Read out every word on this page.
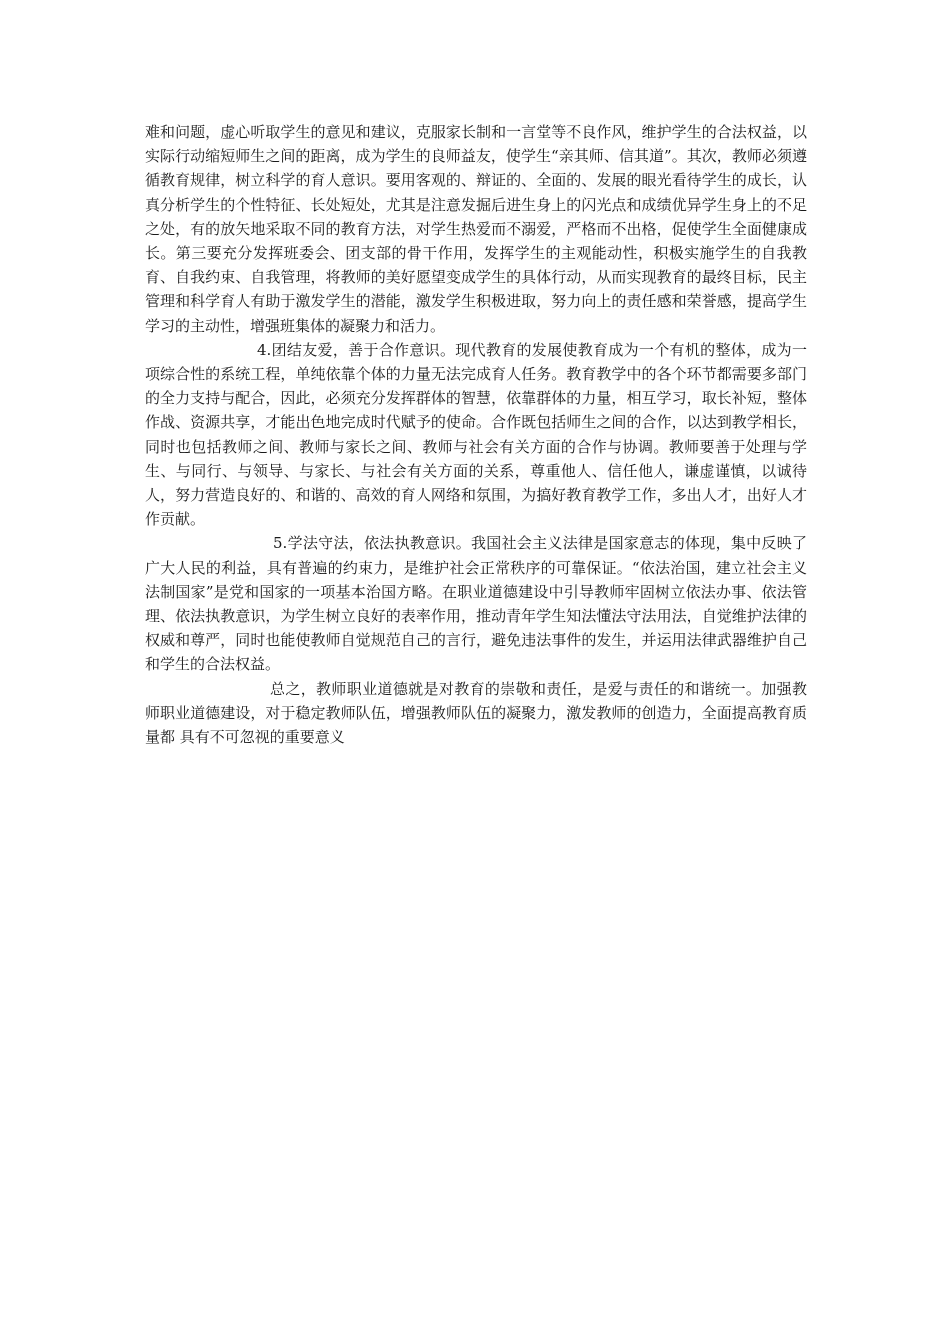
难和问题，虚心听取学生的意见和建议，克服家长制和一言堂等不良作风，维护学生的合法权益，以实际行动缩短师生之间的距离，成为学生的良师益友，使学生“亲其师、信其道”。其次，教师必须遵循教育规律，树立科学的育人意识。要用客观的、辩证的、全面的、发展的眼光看待学生的成长，认真分析学生的个性特征、长处短处，尤其是注意发掘后进生身上的闪光点和成绩优异学生身上的不足之处，有的放矢地采取不同的教育方法，对学生热爱而不溺爱，严格而不出格，促使学生全面健康成长。第三要充分发挥班委会、团支部的骨干作用，发挥学生的主观能动性，积极实施学生的自我教育、自我约束、自我管理，将教师的美好愿望变成学生的具体行动，从而实现教育的最终目标，民主管理和科学育人有助于激发学生的潜能，激发学生积极进取，努力向上的责任感和荣誉感，提高学生学习的主动性，增强班集体的凝聚力和活力。

4.团结友爱，善于合作意识。现代教育的发展使教育成为一个有机的整体，成为一项综合性的系统工程，单纯依靠个体的力量无法完成育人任务。教育教学中的各个环节都需要多部门的全力支持与配合，因此，必须充分发挥群体的智慧，依靠群体的力量，相互学习，取长补短，整体作战、资源共享，才能出色地完成时代赋予的使命。合作既包括师生之间的合作，以达到教学相长，同时也包括教师之间、教师与家长之间、教师与社会有关方面的合作与协调。教师要善于处理与学生、与同行、与领导、与家长、与社会有关方面的关系，尊重他人、信任他人，谦虚谨慎，以诚待人，努力营造良好的、和谐的、高效的育人网络和氛围，为搞好教育教学工作，多出人才，出好人才作贡献。

5.学法守法，依法执教意识。我国社会主义法律是国家意志的体现，集中反映了广大人民的利益，具有普遍的约束力，是维护社会正常秩序的可靠保证。“依法治国，建立社会主义法制国家”是党和国家的一项基本治国方略。在职业道德建设中引导教师牢固树立依法办事、依法管理、依法执教意识，为学生树立良好的表率作用，推动青年学生知法懂法守法用法，自觉维护法律的权威和尊严，同时也能使教师自觉规范自己的言行，避免违法事件的发生，并运用法律武器维护自己和学生的合法权益。

总之，教师职业道德就是对教育的崇敬和责任，是爱与责任的和谐统一。加强教师职业道德建设，对于稳定教师队伍，增强教师队伍的凝聚力，激发教师的创造力，全面提高教育质量都 具有不可忽视的重要意义
